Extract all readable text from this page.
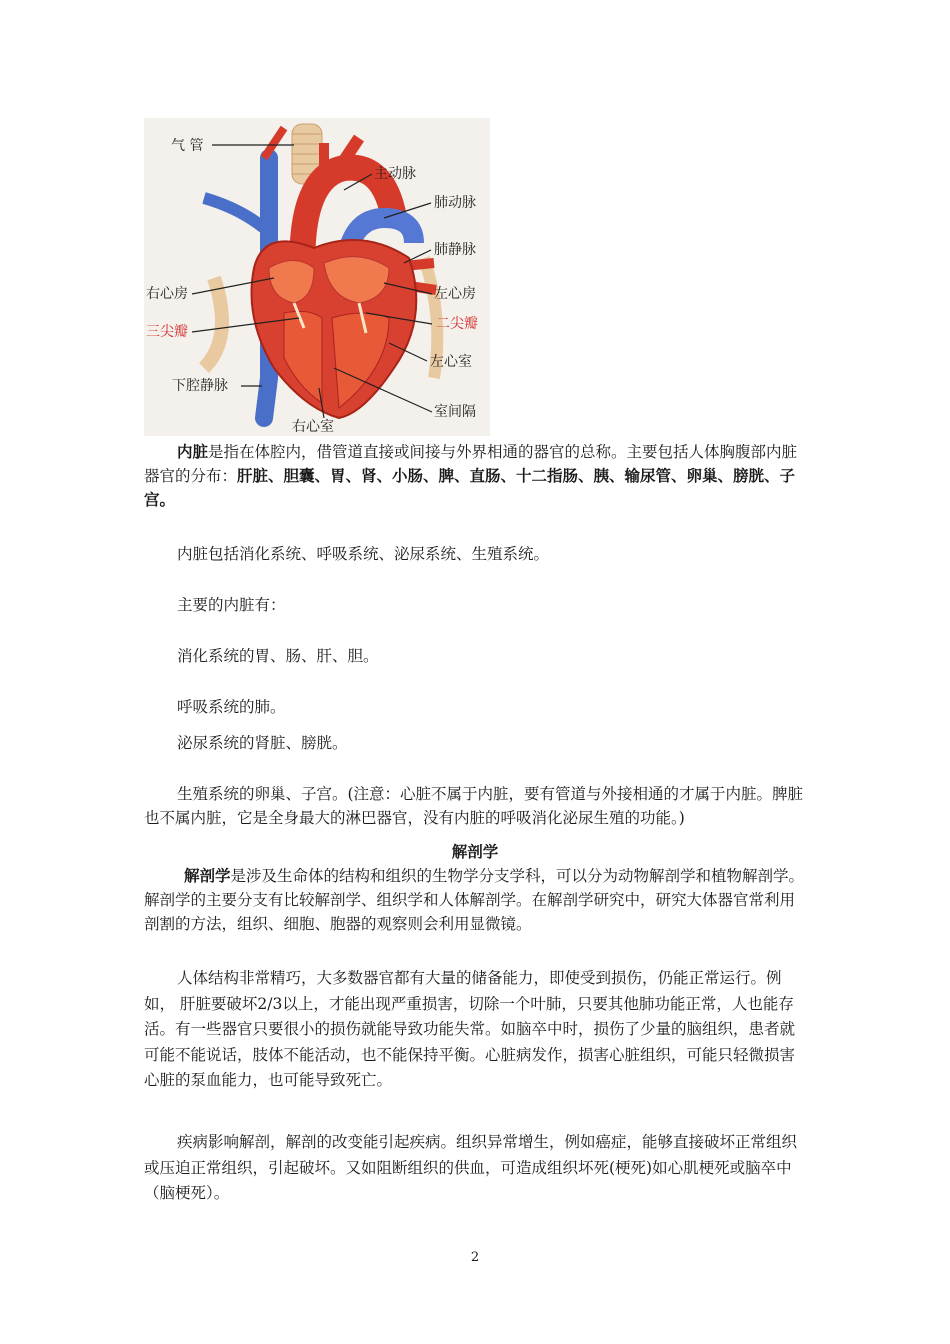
气 管
主动脉
肺动脉
肺静脉
右心房	左心房
三尖瓣	二尖瓣
左心室
下腔静脉
室间隔
右心室

内脏是指在体腔内，借管道直接或间接与外界相通的器官的总称。主要包括人体胸腹部内脏器官的分布：肝脏、胆囊、胃、肾、小肠、脾、直肠、十二指肠、胰、输尿管、卵巢、膀胱、子宫。

内脏包括消化系统、呼吸系统、泌尿系统、生殖系统。

主要的内脏有：

消化系统的胃、肠、肝、胆。

呼吸系统的肺。

泌尿系统的肾脏、膀胱。

生殖系统的卵巢、子宫。(注意：心脏不属于内脏，要有管道与外接相通的才属于内脏。脾脏也不属内脏，它是全身最大的淋巴器官，没有内脏的呼吸消化泌尿生殖的功能。)

解剖学

解剖学是涉及生命体的结构和组织的生物学分支学科，可以分为动物解剖学和植物解剖学。解剖学的主要分支有比较解剖学、组织学和人体解剖学。在解剖学研究中，研究大体器官常利用剖割的方法，组织、细胞、胞器的观察则会利用显微镜。

人体结构非常精巧，大多数器官都有大量的储备能力，即使受到损伤，仍能正常运行。例如， 肝脏要破坏2/3以上，才能出现严重损害，切除一个叶肺，只要其他肺功能正常，人也能存活。有一些器官只要很小的损伤就能导致功能失常。如脑卒中时，损伤了少量的脑组织，患者就可能不能说话，肢体不能活动，也不能保持平衡。心脏病发作，损害心脏组织，可能只轻微损害心脏的泵血能力，也可能导致死亡。

疾病影响解剖，解剖的改变能引起疾病。组织异常增生，例如癌症，能够直接破坏正常组织或压迫正常组织，引起破坏。又如阻断组织的供血，可造成组织坏死(梗死)如心肌梗死或脑卒中（脑梗死）。

2
